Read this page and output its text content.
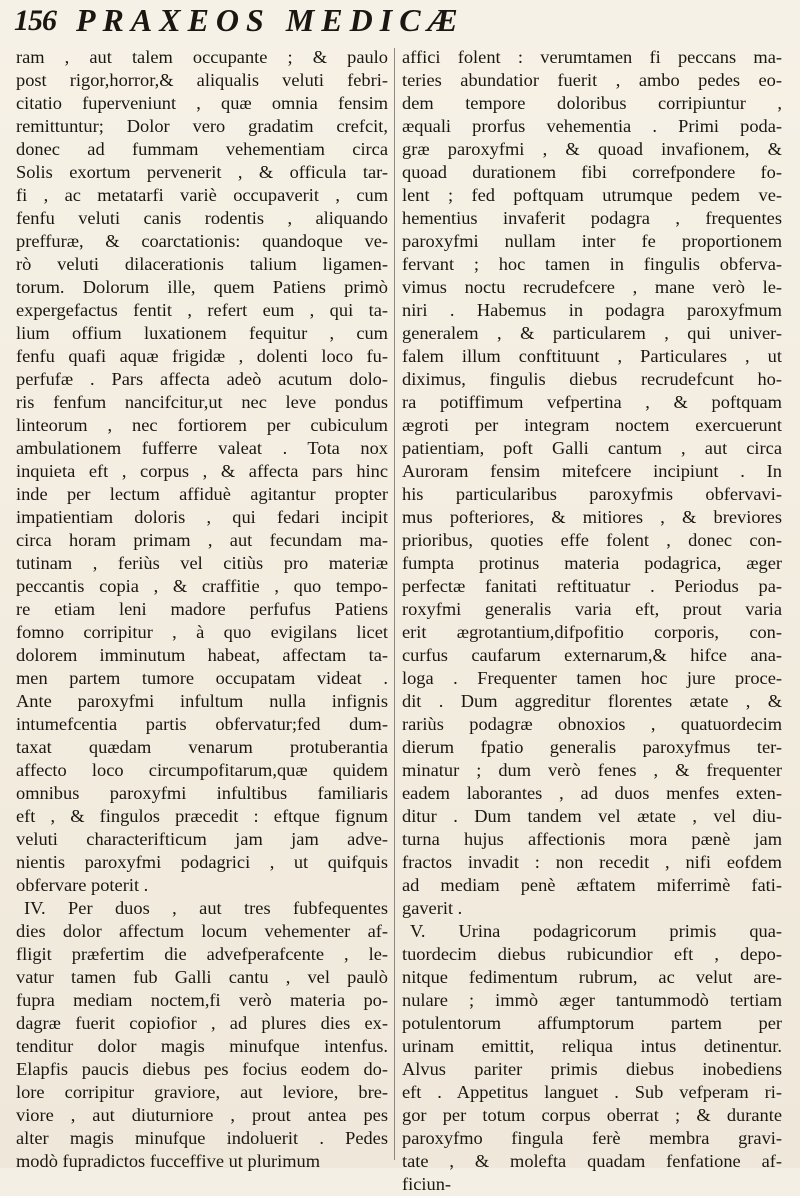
156 PRAXEOS MEDICÆ
ram , aut talem occupante ; & paulo
post rigor,horror,& aliqualis veluti febri-
citatio fuperveniunt , quæ omnia fensim
remittuntur; Dolor vero gradatim crefcit,
donec ad fummam vehementiam circa
Solis exortum pervenerit , & officula tar-
fi , ac metatarfi variè occupaverit , cum
fenfu veluti canis rodentis , aliquando
preffuræ, & coarctationis: quandoque ve-
rò veluti dilacerationis talium ligamen-
torum. Dolorum ille, quem Patiens primò
expergefactus fentit , refert eum , qui ta-
lium offium luxationem fequitur , cum
fenfu quafi aquæ frigidæ , dolenti loco fu-
perfufæ . Pars affecta adeò acutum dolo-
ris fenfum nancifcitur,ut nec leve pondus
linteorum , nec fortiorem per cubiculum
ambulationem fufferre valeat . Tota nox
inquieta eft , corpus , & affecta pars hinc
inde per lectum affiduè agitantur propter
impatientiam doloris , qui fedari incipit
circa horam primam , aut fecundam ma-
tutinam , feriùs vel citiùs pro materiæ
peccantis copia , & craffitie , quo tempo-
re etiam leni madore perfufus Patiens
fomno corripitur , à quo evigilans licet
dolorem imminutum habeat, affectam ta-
men partem tumore occupatam videat .
Ante paroxyfmi infultum nulla infignis
intumefcentia partis obfervatur;fed dum-
taxat quædam venarum protuberantia
affecto loco circumpofitarum,quæ quidem
omnibus paroxyfmi infultibus familiaris
eft , & fingulos præcedit : eftque fignum
veluti characterifticum jam jam adve-
nientis paroxyfmi podagrici , ut quifquis
obfervare poterit .
IV. Per duos , aut tres fubfequentes
dies dolor affectum locum vehementer af-
fligit præfertim die advefperafcente , le-
vatur tamen fub Galli cantu , vel paulò
fupra mediam noctem,fi verò materia po-
dagræ fuerit copiofior , ad plures dies ex-
tenditur dolor magis minufque intenfus.
Elapfis paucis diebus pes focius eodem do-
lore corripitur graviore, aut leviore, bre-
viore , aut diuturniore , prout antea pes
alter magis minufque indoluerit . Pedes
modò fupradictos fucceffive ut plurimum
affici folent : verumtamen fi peccans ma-
teries abundatior fuerit , ambo pedes eo-
dem tempore doloribus corripiuntur ,
æquali prorfus vehementia . Primi poda-
græ paroxyfmi , & quoad invafionem, &
quoad durationem fibi correfpondere fo-
lent ; fed poftquam utrumque pedem ve-
hementius invaferit podagra , frequentes
paroxyfmi nullam inter fe proportionem
fervant ; hoc tamen in fingulis obferva-
vimus noctu recrudefcere , mane verò le-
niri . Habemus in podagra paroxyfmum
generalem , & particularem , qui univer-
falem illum conftituunt , Particulares , ut
diximus, fingulis diebus recrudefcunt ho-
ra potiffimum vefpertina , & poftquam
ægroti per integram noctem exercuerunt
patientiam, poft Galli cantum , aut circa
Auroram fensim mitefcere incipiunt . In
his particularibus paroxyfmis obfervavi-
mus pofteriores, & mitiores , & breviores
prioribus, quoties effe folent , donec con-
fumpta protinus materia podagrica, æger
perfectæ fanitati reftituatur . Periodus pa-
roxyfmi generalis varia eft, prout varia
erit ægrotantium,difpofitio corporis, con-
curfus caufarum externarum,& hifce ana-
loga . Frequenter tamen hoc jure proce-
dit . Dum aggreditur florentes ætate , &
rariùs podagræ obnoxios , quatuordecim
dierum fpatio generalis paroxyfmus ter-
minatur ; dum verò fenes , & frequenter
eadem laborantes , ad duos menfes exten-
ditur . Dum tandem vel ætate , vel diu-
turna hujus affectionis mora pænè jam
fractos invadit : non recedit , nifi eofdem
ad mediam penè æftatem miferrimè fati-
gaverit .
V. Urina podagricorum primis qua-
tuordecim diebus rubicundior eft , depo-
nitque fedimentum rubrum, ac velut are-
nulare ; immò æger tantummodò tertiam
potulentorum affumptorum partem per
urinam emittit, reliqua intus detinentur.
Alvus pariter primis diebus inobediens
eft . Appetitus languet . Sub vefperam ri-
gor per totum corpus oberrat ; & durante
paroxyfmo fingula ferè membra gravi-
tate , & molefta quadam fenfatione af-
ficiun-
